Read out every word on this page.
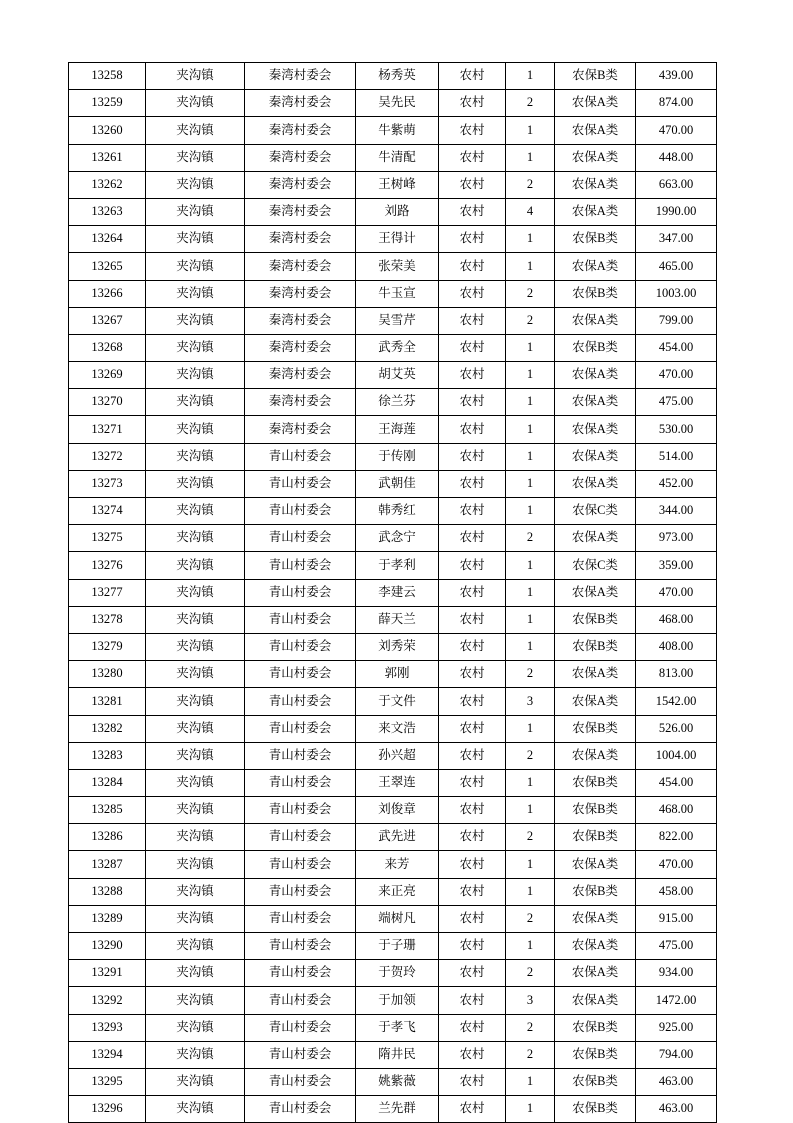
13258	夹沟镇	秦湾村委会	杨秀英	农村	1	农保B类	439.00
13259	夹沟镇	秦湾村委会	吴先民	农村	2	农保A类	874.00
13260	夹沟镇	秦湾村委会	牛紫萌	农村	1	农保A类	470.00
13261	夹沟镇	秦湾村委会	牛清配	农村	1	农保A类	448.00
13262	夹沟镇	秦湾村委会	王树峰	农村	2	农保A类	663.00
13263	夹沟镇	秦湾村委会	刘路	农村	4	农保A类	1990.00
13264	夹沟镇	秦湾村委会	王得计	农村	1	农保B类	347.00
13265	夹沟镇	秦湾村委会	张荣美	农村	1	农保A类	465.00
13266	夹沟镇	秦湾村委会	牛玉宣	农村	2	农保B类	1003.00
13267	夹沟镇	秦湾村委会	吴雪芹	农村	2	农保A类	799.00
13268	夹沟镇	秦湾村委会	武秀全	农村	1	农保B类	454.00
13269	夹沟镇	秦湾村委会	胡艾英	农村	1	农保A类	470.00
13270	夹沟镇	秦湾村委会	徐兰芬	农村	1	农保A类	475.00
13271	夹沟镇	秦湾村委会	王海莲	农村	1	农保A类	530.00
13272	夹沟镇	青山村委会	于传刚	农村	1	农保A类	514.00
13273	夹沟镇	青山村委会	武朝佳	农村	1	农保A类	452.00
13274	夹沟镇	青山村委会	韩秀红	农村	1	农保C类	344.00
13275	夹沟镇	青山村委会	武念宁	农村	2	农保A类	973.00
13276	夹沟镇	青山村委会	于孝利	农村	1	农保C类	359.00
13277	夹沟镇	青山村委会	李建云	农村	1	农保A类	470.00
13278	夹沟镇	青山村委会	薛天兰	农村	1	农保B类	468.00
13279	夹沟镇	青山村委会	刘秀荣	农村	1	农保B类	408.00
13280	夹沟镇	青山村委会	郭刚	农村	2	农保A类	813.00
13281	夹沟镇	青山村委会	于文件	农村	3	农保A类	1542.00
13282	夹沟镇	青山村委会	来文浩	农村	1	农保B类	526.00
13283	夹沟镇	青山村委会	孙兴超	农村	2	农保A类	1004.00
13284	夹沟镇	青山村委会	王翠连	农村	1	农保B类	454.00
13285	夹沟镇	青山村委会	刘俊章	农村	1	农保B类	468.00
13286	夹沟镇	青山村委会	武先进	农村	2	农保B类	822.00
13287	夹沟镇	青山村委会	来芳	农村	1	农保A类	470.00
13288	夹沟镇	青山村委会	来正亮	农村	1	农保B类	458.00
13289	夹沟镇	青山村委会	端树凡	农村	2	农保A类	915.00
13290	夹沟镇	青山村委会	于子珊	农村	1	农保A类	475.00
13291	夹沟镇	青山村委会	于贺玲	农村	2	农保A类	934.00
13292	夹沟镇	青山村委会	于加领	农村	3	农保A类	1472.00
13293	夹沟镇	青山村委会	于孝飞	农村	2	农保B类	925.00
13294	夹沟镇	青山村委会	隋井民	农村	2	农保B类	794.00
13295	夹沟镇	青山村委会	姚紫薇	农村	1	农保B类	463.00
13296	夹沟镇	青山村委会	兰先群	农村	1	农保B类	463.00
